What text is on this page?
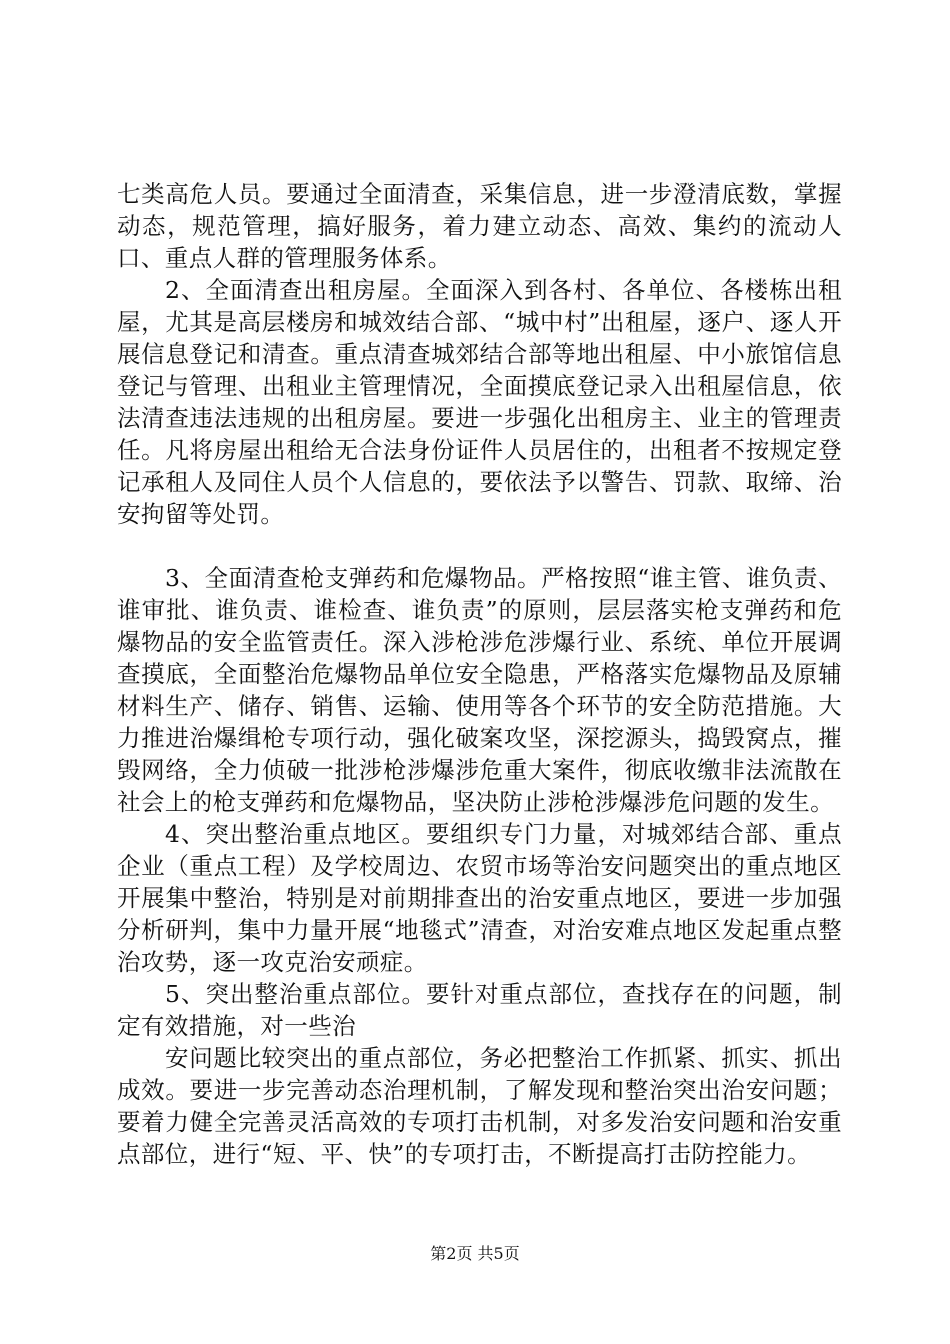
七类高危人员。要通过全面清查，采集信息，进一步澄清底数，掌握动态，规范管理，搞好服务，着力建立动态、高效、集约的流动人口、重点人群的管理服务体系。

2、全面清查出租房屋。全面深入到各村、各单位、各楼栋出租屋，尤其是高层楼房和城效结合部、“城中村”出租屋，逐户、逐人开展信息登记和清查。重点清查城郊结合部等地出租屋、中小旅馆信息登记与管理、出租业主管理情况，全面摸底登记录入出租屋信息，依法清查违法违规的出租房屋。要进一步强化出租房主、业主的管理责任。凡将房屋出租给无合法身份证件人员居住的，出租者不按规定登记承租人及同住人员个人信息的，要依法予以警告、罚款、取缔、治安拘留等处罚。

3、全面清查枪支弹药和危爆物品。严格按照“谁主管、谁负责、谁审批、谁负责、谁检查、谁负责”的原则，层层落实枪支弹药和危爆物品的安全监管责任。深入涉枪涉危涉爆行业、系统、单位开展调查摸底，全面整治危爆物品单位安全隐患，严格落实危爆物品及原辅材料生产、储存、销售、运输、使用等各个环节的安全防范措施。大力推进治爆缉枪专项行动，强化破案攻坚，深挖源头，捣毁窝点，摧毁网络，全力侦破一批涉枪涉爆涉危重大案件，彻底收缴非法流散在社会上的枪支弹药和危爆物品，坚决防止涉枪涉爆涉危问题的发生。

4、突出整治重点地区。要组织专门力量，对城郊结合部、重点企业（重点工程）及学校周边、农贸市场等治安问题突出的重点地区开展集中整治，特别是对前期排查出的治安重点地区，要进一步加强分析研判，集中力量开展“地毯式”清查，对治安难点地区发起重点整治攻势，逐一攻克治安顽症。

5、突出整治重点部位。要针对重点部位，查找存在的问题，制定有效措施，对一些治

安问题比较突出的重点部位，务必把整治工作抓紧、抓实、抓出成效。要进一步完善动态治理机制，了解发现和整治突出治安问题；要着力健全完善灵活高效的专项打击机制，对多发治安问题和治安重点部位，进行“短、平、快”的专项打击，不断提高打击防控能力。

第2页 共5页
